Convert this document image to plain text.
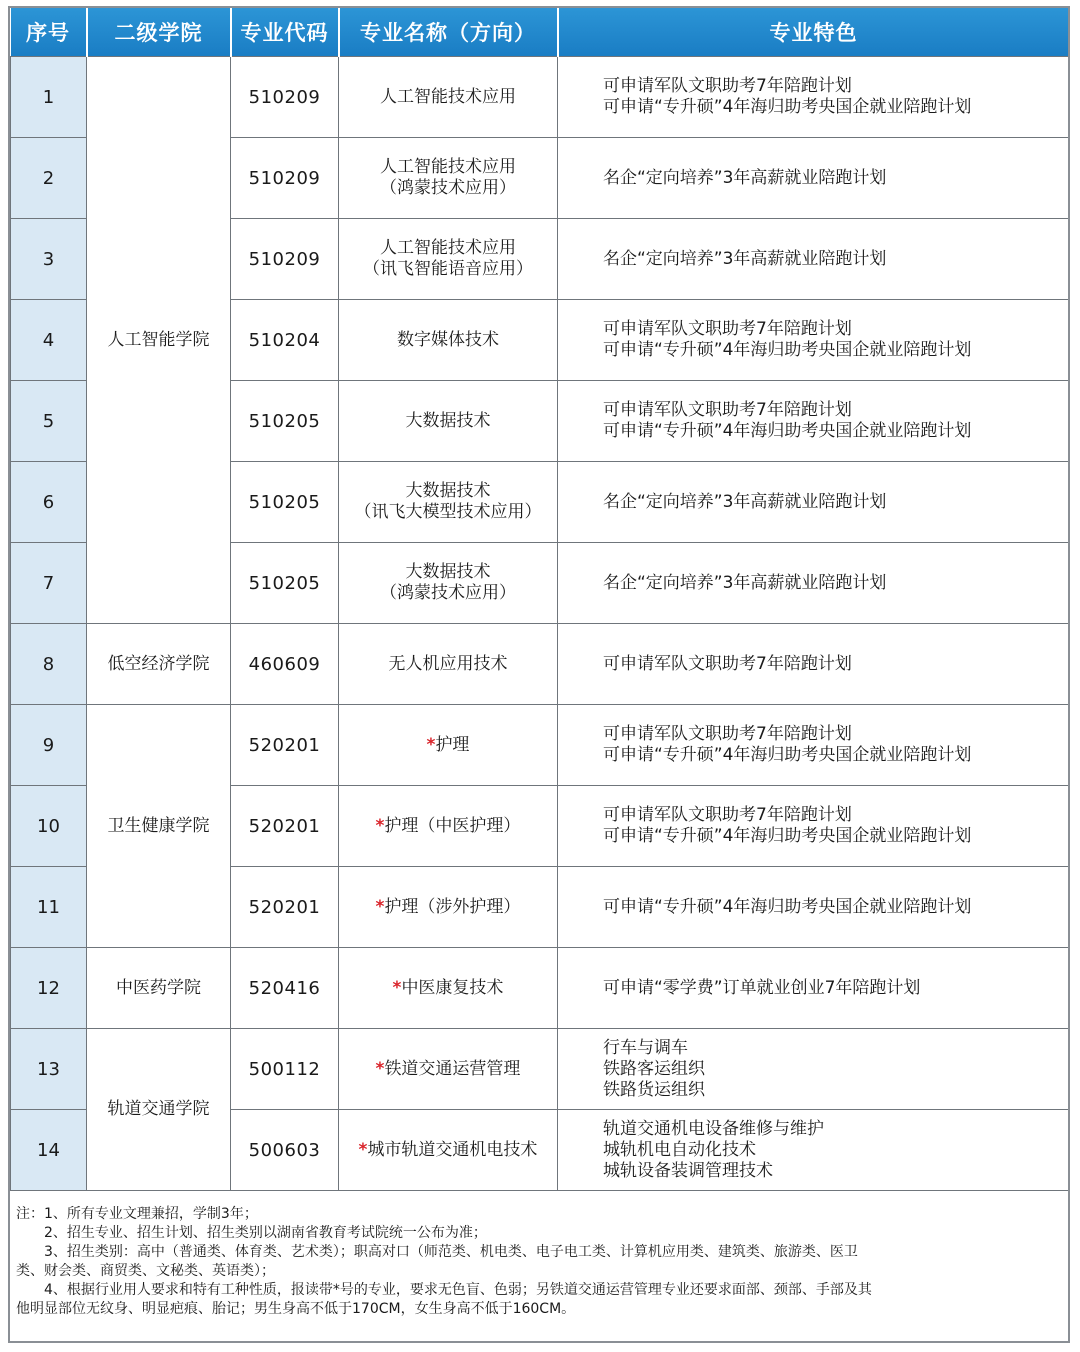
序号	二级学院	专业代码	专业名称（方向）	专业特色
1	人工智能学院	510209	人工智能技术应用	可申请军队文职助考7年陪跑计划
可申请“专升硕”4年海归助考央国企就业陪跑计划

2		510209	人工智能技术应用
（鸿蒙技术应用）	名企“定向培养”3年高薪就业陪跑计划

3		510209	人工智能技术应用
（讯飞智能语音应用）	名企“定向培养”3年高薪就业陪跑计划

4		510204	数字媒体技术	可申请军队文职助考7年陪跑计划
可申请“专升硕”4年海归助考央国企就业陪跑计划

5		510205	大数据技术	可申请军队文职助考7年陪跑计划
可申请“专升硕”4年海归助考央国企就业陪跑计划

6		510205	大数据技术
（讯飞大模型技术应用）	名企“定向培养”3年高薪就业陪跑计划

7		510205	大数据技术
（鸿蒙技术应用）	名企“定向培养”3年高薪就业陪跑计划

8	低空经济学院	460609	无人机应用技术	可申请军队文职助考7年陪跑计划

9	卫生健康学院	520201	*护理	可申请军队文职助考7年陪跑计划
可申请“专升硕”4年海归助考央国企就业陪跑计划

10		520201	*护理（中医护理）	可申请军队文职助考7年陪跑计划
可申请“专升硕”4年海归助考央国企就业陪跑计划

11		520201	*护理（涉外护理）	可申请“专升硕”4年海归助考央国企就业陪跑计划

12	中医药学院	520416	*中医康复技术	可申请“零学费”订单就业创业7年陪跑计划

13	轨道交通学院	500112	*铁道交通运营管理	行车与调车
铁路客运组织
铁路货运组织

14		500603	*城市轨道交通机电技术	轨道交通机电设备维修与维护
城轨机电自动化技术
城轨设备装调管理技术
注： 1、所有专业文理兼招，学制3年；
2、招生专业、招生计划、招生类别以湖南省教育考试院统一公布为准；
3、招生类别：高中（普通类、体育类、艺术类）；职高对口（师范类、机电类、电子电工类、计算机应用类、建筑类、旅游类、医卫
类、财会类、商贸类、文秘类、英语类）；
4、根据行业用人要求和特有工种性质，报读带*号的专业，要求无色盲、色弱；另铁道交通运营管理专业还要求面部、颈部、手部及其
他明显部位无纹身、明显疤痕、胎记；男生身高不低于170CM，女生身高不低于160CM。
